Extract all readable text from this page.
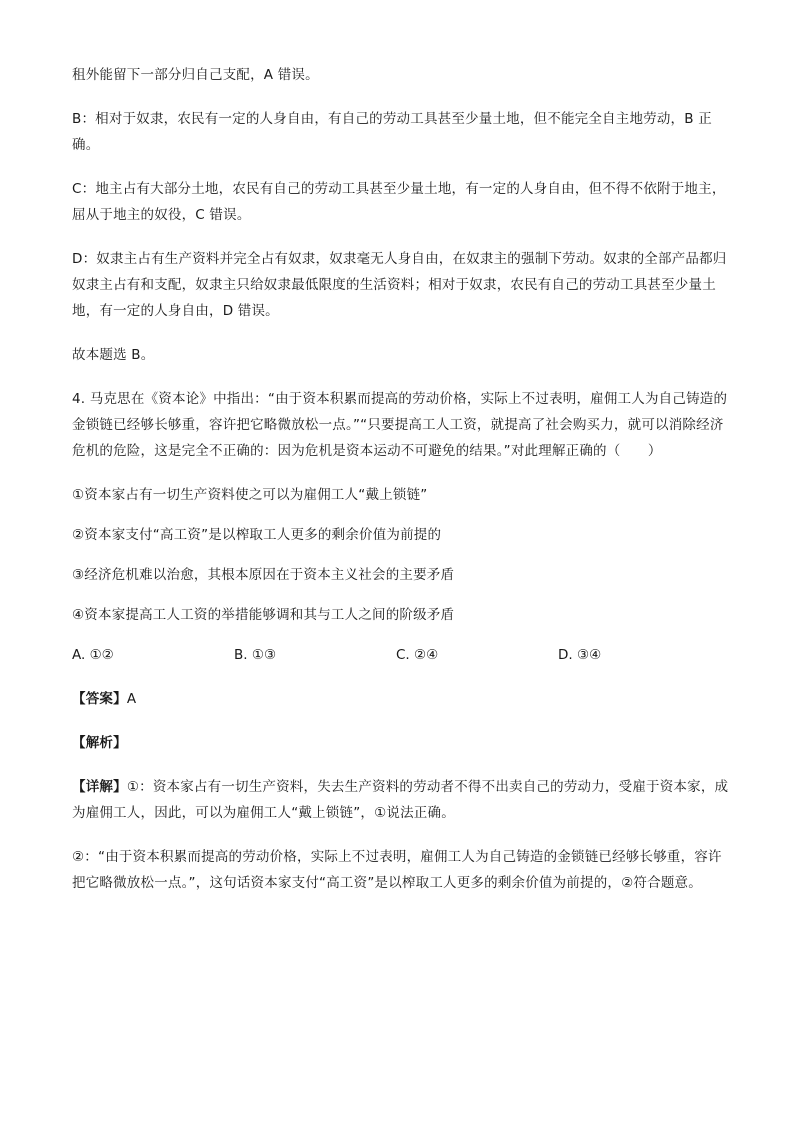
租外能留下一部分归自己支配，A 错误。

B：相对于奴隶，农民有一定的人身自由，有自己的劳动工具甚至少量土地，但不能完全自主地劳动，B 正确。

C：地主占有大部分土地，农民有自己的劳动工具甚至少量土地，有一定的人身自由，但不得不依附于地主，屈从于地主的奴役，C 错误。

D：奴隶主占有生产资料并完全占有奴隶，奴隶毫无人身自由，在奴隶主的强制下劳动。奴隶的全部产品都归奴隶主占有和支配，奴隶主只给奴隶最低限度的生活资料；相对于奴隶，农民有自己的劳动工具甚至少量土地，有一定的人身自由，D 错误。

故本题选 B。

4. 马克思在《资本论》中指出：“由于资本积累而提高的劳动价格，实际上不过表明，雇佣工人为自己铸造的金锁链已经够长够重，容许把它略微放松一点。”“只要提高工人工资，就提高了社会购买力，就可以消除经济危机的危险，这是完全不正确的：因为危机是资本运动不可避免的结果。”对此理解正确的（　　）

①资本家占有一切生产资料使之可以为雇佣工人“戴上锁链”

②资本家支付“高工资”是以榨取工人更多的剩余价值为前提的

③经济危机难以治愈，其根本原因在于资本主义社会的主要矛盾

④资本家提高工人工资的举措能够调和其与工人之间的阶级矛盾

A. ①②	B. ①③	C. ②④	D. ③④

【答案】A

【解析】

【详解】①：资本家占有一切生产资料，失去生产资料的劳动者不得不出卖自己的劳动力，受雇于资本家，成为雇佣工人，因此，可以为雇佣工人“戴上锁链”，①说法正确。

②：“由于资本积累而提高的劳动价格，实际上不过表明，雇佣工人为自己铸造的金锁链已经够长够重，容许把它略微放松一点。”，这句话资本家支付“高工资”是以榨取工人更多的剩余价值为前提的，②符合题意。
